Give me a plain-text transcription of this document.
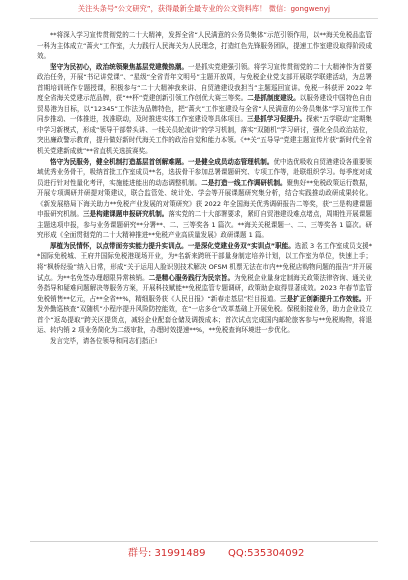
关注头条号“公文研究”，获得最新全最专业的公文资料库！ 微信：gongwenyj

**将深入学习宣传贯彻党的二十大精神，发挥全省“人民满意的公务员集体”示范引领作用，以**海关免税品监管一科为主体成立“蔷火”工作室，大力践行人民海关为人民理念，打造红色先锋服务团队，提速工作室建设取得阶段成效。

坚守为民初心，政治统领聚焦基层党建微热潮。一是抓实党建强引领。将学习宣传贯彻党的二十大精神作为首要政治任务，开展“书记讲党课”、“星级“全省青年文明号”主题开放周，与免税企业党支部开展联学联建活动，为总署首期培训班作专题授课，积极参与“二十大精神我来讲、自贸港建设我担当”主题巡回宣讲。免税一科获评 2022 年度全省海关党建示范品牌，获“**杯”党建创新引领工作创优大赛三等奖。二是抓制度建设。以服务建设中国特色自由贸易港为目标，以“12345”工作法为品牌特色，把“蔷火”工作室建设与全省“人民满意的公务员集体”学习宣传工作同步推动、一体推进，找准联动，及时推进实体工作室建设等具体项目。三是抓学习促提升。探索“五学联动”定期集中学习新模式，形成“领导干部带头讲、一线关员轮流讲”的学习机制，落实“双随机”学习研讨，强化全员政治站位，突出廉政警示教育，提升做好新时代海关工作的政治自觉和能力本领。《**关“五导导”党建主题宣传片获“新时代全省机关党建新成就”**省直机关选拔赛奖。

恪守为民服务，健全机制打造基层首创解难题。一是健全成员动态管理机制。优中选优吸收自贸港建设各重要领域优秀业务骨干，吸纳首批工作室成员**名，选拔骨干参加总署课题研究、专项工作等，赴联组织学习。每季度对成员进行针对性量化考评，实施能进能出的动态调整机制。二是打造一线工作调研机制。聚焦好**免税政策运行数据，开展专项调研并研提对策建议，联合监管处、统计处、学会等开展课题研究集分析，结合实践推动政研成果转化。《新发展格局下海关助力**免税产业发展的对策研究》获 2022 年全国海关优秀调研报告二等奖，获“三是构建课题申报研究机制。三是构建课题申报研究机制。落实党的二十大部署要求，紧盯自贸港建设难点堵点，周期性开展课题主题选项申报，参与业务课题研究**分署**、二、三等奖各 1 篇次。**海关关税课题一、二、三等奖各 1 篇次。研究形成《全面贯彻党的二十大精神推进**免税产业高质量发展》政研课题 1 篇。

厚植为民情怀，以点带面夯实能力提升实训点。一是深化党建业务双“实训点”职能。选派 3 名工作室成员支援**国际免税城、王府井国际免税港现场开业，为*名新来跨班干部量身制定培养计划，以工作室为单位，快速上手；将“枫桥经验”纳入日常，形成“关于运用人脸识别技术解决 OFSM 机票无法在市内**免税店购物问题的报告”并开展试点。为**名免签办理超限异常核销。二是精心服务践行为民宗旨。为免税企业量身定制海关政策法律咨询、通关业务指导和疑难问题解决等服务方案，开展科技赋能**免税监管专题调研，政策助企取得显著成效。2023 年春节监管免税销售**亿元，占**全省**%，精细服务获《人民日报》“新春走基层”栏目报道。三是扩正创新提升工作效能。开发外勤巡核查“双随机”小程序提升风险防控能效，在“一店多仓”改革基础上开展免税。保税衔接业务，助力企业设立首个“返岛提取”跨关区提货点，减轻企业配套仓储及调拨成本；首次试点完成国内邮轮旅客参与**免税购物，将退运、转内销 2 项业务简化为二级审批，办理时效提速**%，**免税查询环境进一步优化。

发言完毕，请各位领导和同志们指正!

群号: 31991489 QQ:535304092
